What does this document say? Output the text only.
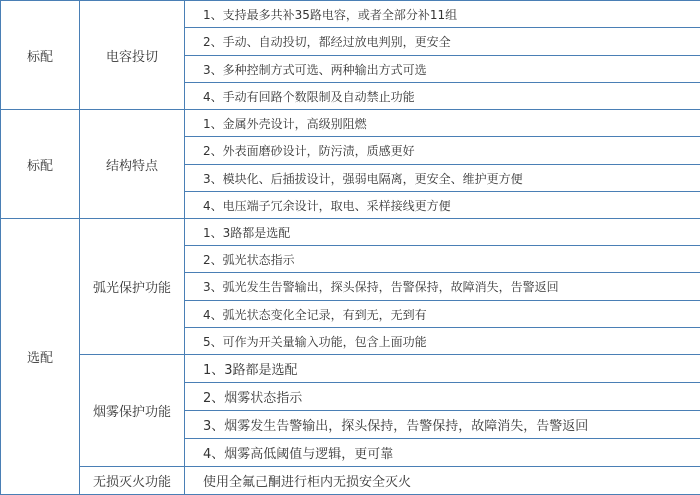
标配	电容投切	1、支持最多共补35路电容，或者全部分补11组
		2、手动、自动投切，都经过放电判别，更安全
		3、多种控制方式可选、两种输出方式可选
		4、手动有回路个数限制及自动禁止功能
标配	结构特点	1、金属外壳设计，高级别阻燃
		2、外表面磨砂设计，防污渍，质感更好
		3、模块化、后插拔设计，强弱电隔离，更安全、维护更方便
		4、电压端子冗余设计，取电、采样接线更方便
选配	弧光保护功能	1、3路都是选配
		2、弧光状态指示
		3、弧光发生告警输出，探头保持，告警保持，故障消失，告警返回
		4、弧光状态变化全记录，有到无，无到有
		5、可作为开关量输入功能，包含上面功能
	烟雾保护功能	1、3路都是选配
		2、烟雾状态指示
		3、烟雾发生告警输出，探头保持，告警保持，故障消失，告警返回
		4、烟雾高低阈值与逻辑，更可靠
	无损灭火功能	使用全氟己酮进行柜内无损安全灭火
